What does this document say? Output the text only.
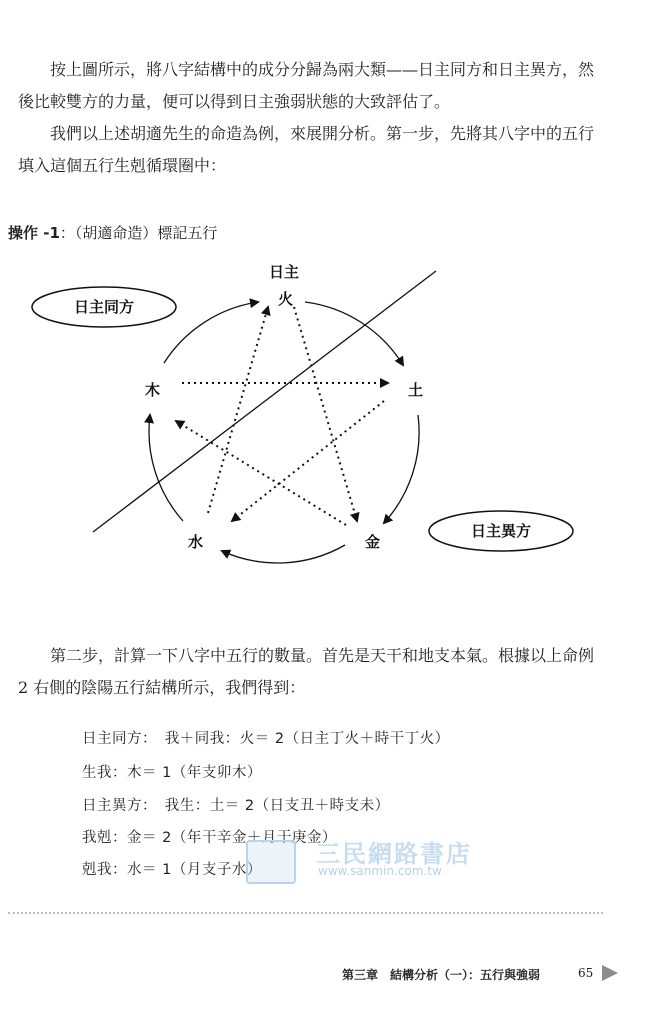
按上圖所示，將八字結構中的成分分歸為兩大類——日主同方和日主異方，然後比較雙方的力量，便可以得到日主強弱狀態的大致評估了。

我們以上述胡適先生的命造為例，來展開分析。第一步，先將其八字中的五行填入這個五行生剋循環圈中：

操作 -1：（胡適命造）標記五行
日主
火
土
金
水
木
日主同方
日主異方

第二步，計算一下八字中五行的數量。首先是天干和地支本氣。根據以上命例 2 右側的陰陽五行結構所示，我們得到：

日主同方：　我＋同我：火＝ 2（日主丁火＋時干丁火）
生我：木＝ 1（年支卯木）
日主異方：　我生：土＝ 2（日支丑＋時支未）
我剋：金＝ 2（年干辛金＋月干庚金）
剋我：水＝ 1（月支子水）
三民網路書店
www.sanmin.com.tw
第三章　 結構分析（一）：五行與強弱	65
